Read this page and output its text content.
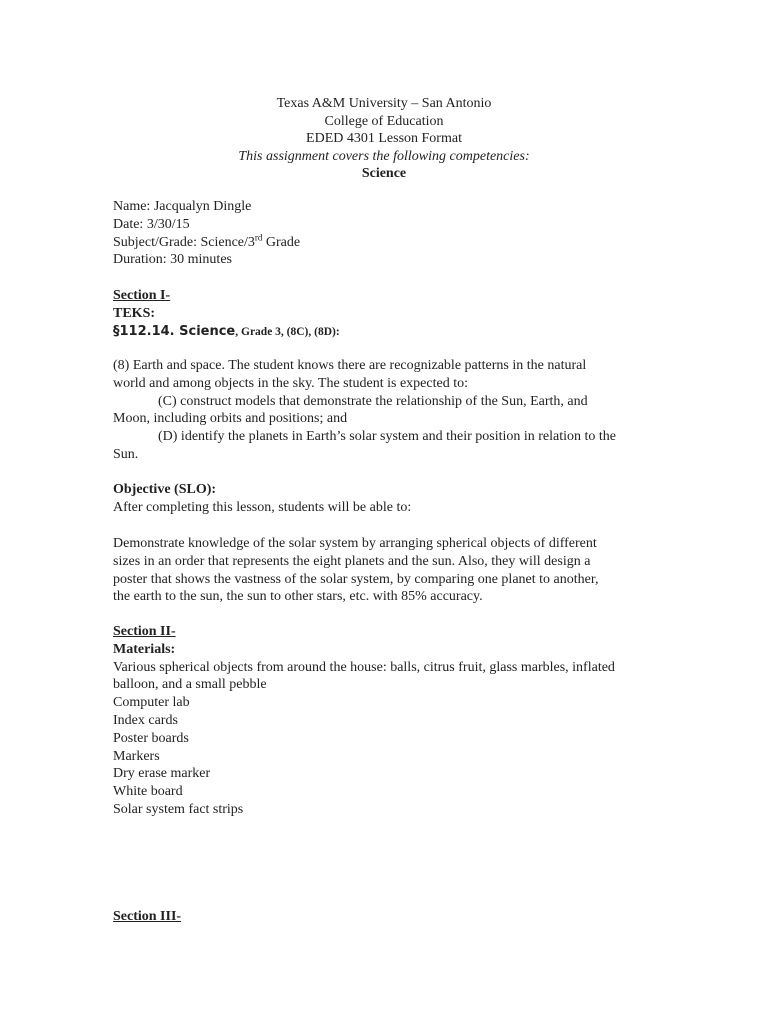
Texas A&M University – San Antonio

College of Education

EDED 4301 Lesson Format

This assignment covers the following competencies:

Science

Name: Jacqualyn Dingle

Date: 3/30/15

Subject/Grade: Science/3rd Grade

Duration: 30 minutes

Section I-

TEKS:

§112.14. Science, Grade 3, (8C), (8D):

(8) Earth and space. The student knows there are recognizable patterns in the natural

world and among objects in the sky. The student is expected to:

(C) construct models that demonstrate the relationship of the Sun, Earth, and

Moon, including orbits and positions; and

(D) identify the planets in Earth’s solar system and their position in relation to the

Sun.

Objective (SLO):

After completing this lesson, students will be able to:

Demonstrate knowledge of the solar system by arranging spherical objects of different

sizes in an order that represents the eight planets and the sun. Also, they will design a

poster that shows the vastness of the solar system, by comparing one planet to another,

the earth to the sun, the sun to other stars, etc. with 85% accuracy.

Section II-

Materials:

Various spherical objects from around the house: balls, citrus fruit, glass marbles, inflated

balloon, and a small pebble

Computer lab

Index cards

Poster boards

Markers

Dry erase marker

White board

Solar system fact strips

Section III-
